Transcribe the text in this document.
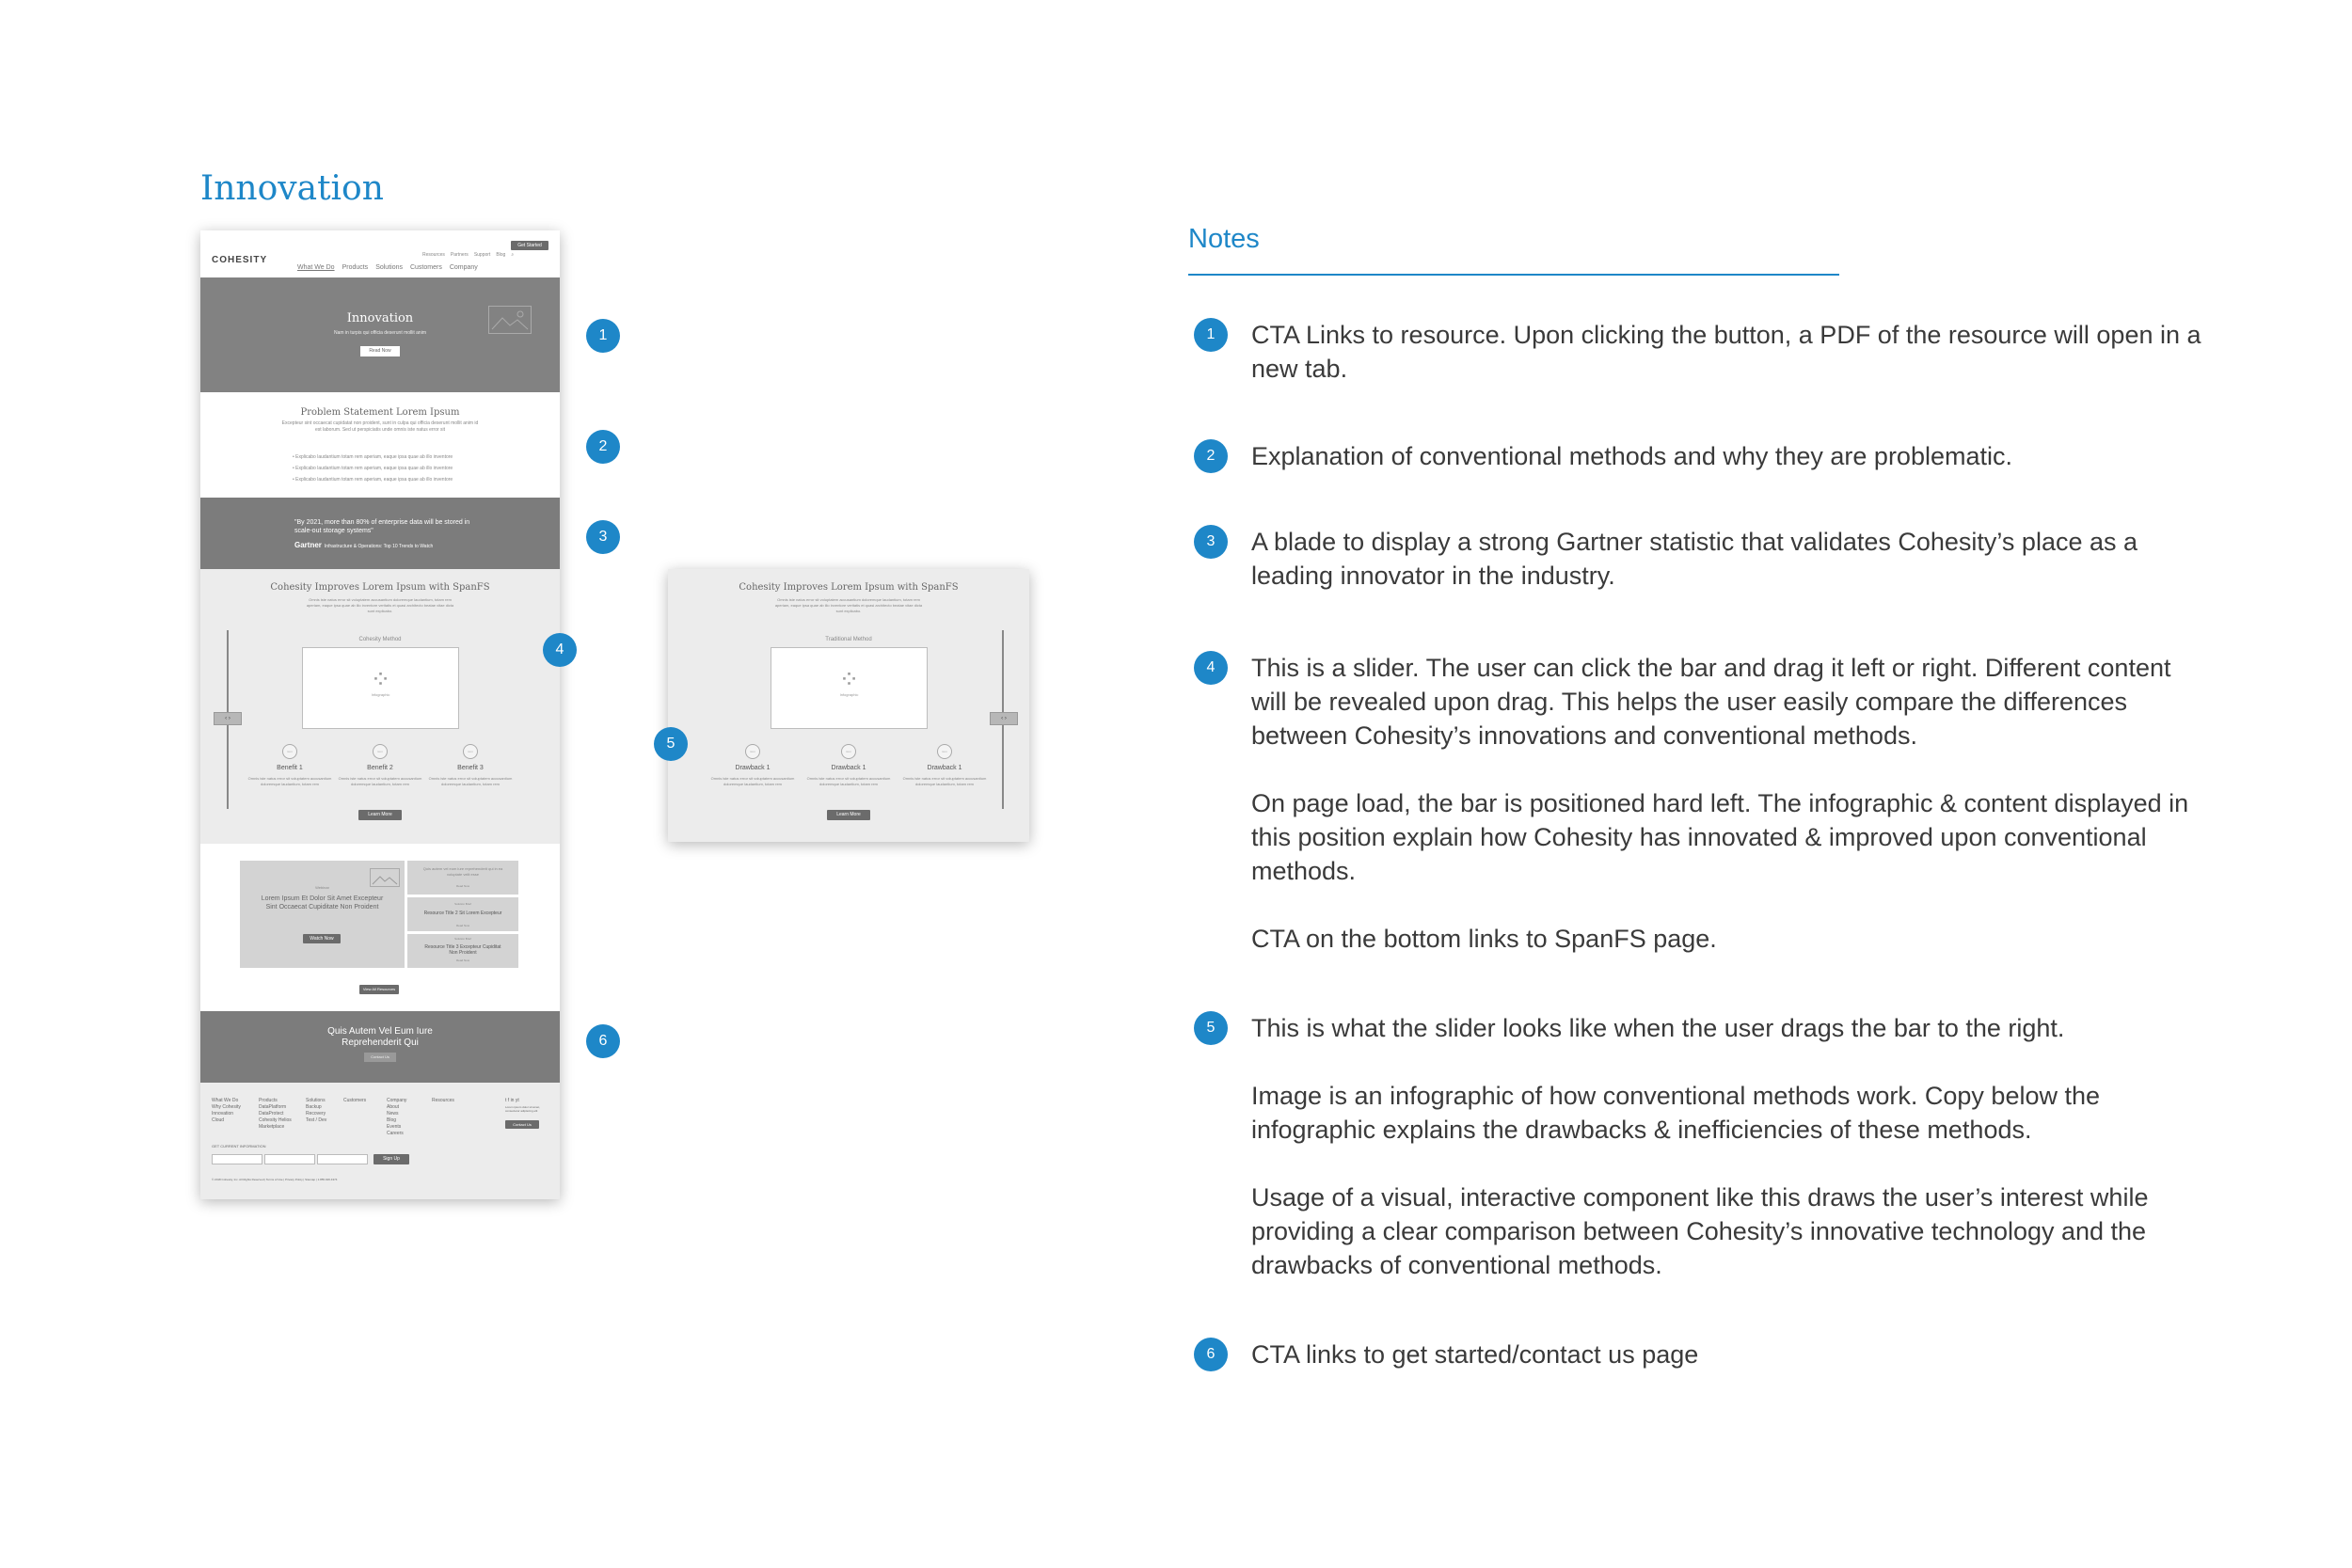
Innovation
COHESITY	Resources Partners Support Blog ⌕
Get Started
What We Do Products Solutions Customers Company
Innovation
Nam in turpis qui officia deserunt mollit anim
Read Now
Problem Statement Lorem Ipsum
Excepteur sint occaecat cupidatat non proident, sunt in culpa qui officia deserunt mollit anim id est laborum. Sed ut perspiciatis unde omnis iste natus error sit
• Explicabo laudantium totam rem aperiam, eaque ipsa quae ab illo inventore
• Explicabo laudantium totam rem aperiam, eaque ipsa quae ab illo inventore
• Explicabo laudantium totam rem aperiam, eaque ipsa quae ab illo inventore
"By 2021, more than 80% of enterprise data will be stored in scale-out storage systems"
Gartner Infrastructure & Operations: Top 10 Trends to Watch
Cohesity Improves Lorem Ipsum with SpanFS
Omnis iste natus error sit voluptatem accusantium doloremque laudantium, totam rem aperiam, eaque ipsa quae ab illo inventore veritatis et quasi architecto beatae vitae dicta sunt explicabo.
Cohesity Method
⁘
Infographic
‹ ›
icon
Benefit 1
Omnis iste natus error sit voluptatem accusantium doloremque laudantium, totam rem
icon
Benefit 2
Omnis iste natus error sit voluptatem accusantium doloremque laudantium, totam rem
icon
Benefit 3
Omnis iste natus error sit voluptatem accusantium doloremque laudantium, totam rem
Learn More
Webinar
Lorem Ipsum Et Dolor Sit Amet Excepteur Sint Occaecat Cupiditate Non Proident
Watch Now
Quis autem vel eum iure reprehenderit qui in ea voluptate velit esse
Read Now
Solution Brief
Resource Title 2 Sit Lorem Excepteur
Read Now
Solution Brief
Resource Title 3 Excepteur Cupiditat Non Proident
Read Now
View All Resources
Quis Autem Vel Eum Iure Reprehenderit Qui
Contact Us
What We Do
Why Cohesity
Innovation
Cloud
Products
DataPlatform
DataProtect
Cohesity Helios
Marketplace
Solutions
Backup
Recovery
Test / Dev
Customers	Company
About
News
Blog
Events
Careers
Resources	t f in yt
Lorem ipsum dolor sit amet, consectetur adipiscing elit
Contact Us
GET CURRENT INFORMATION
Sign Up
© 2018 Cohesity, Inc. All Rights Reserved | Terms of Use | Privacy Policy | Sitemap | 1.855.926.4374
Cohesity Improves Lorem Ipsum with SpanFS
Omnis iste natus error sit voluptatem accusantium doloremque laudantium, totam rem aperiam, eaque ipsa quae ab illo inventore veritatis et quasi architecto beatae vitae dicta sunt explicabo.
Traditional Method
⁘
Infographic
‹ ›
icon
Drawback 1
Omnis iste natus error sit voluptatem accusantium doloremque laudantium, totam rem
icon
Drawback 1
Omnis iste natus error sit voluptatem accusantium doloremque laudantium, totam rem
icon
Drawback 1
Omnis iste natus error sit voluptatem accusantium doloremque laudantium, totam rem
Learn More
1
2
3
4
5
6
Notes
1	CTA Links to resource. Upon clicking the button, a PDF of the resource will open in a new tab.

2	Explanation of conventional methods and why they are problematic.

3	A blade to display a strong Gartner statistic that validates Cohesity’s place as a leading innovator in the industry.

4	This is a slider. The user can click the bar and drag it left or right. Different content will be revealed upon drag. This helps the user easily compare the differences between Cohesity’s innovations and conventional methods.

On page load, the bar is positioned hard left. The infographic & content displayed in this position explain how Cohesity has innovated & improved upon conventional methods.

CTA on the bottom links to SpanFS page.

5	This is what the slider looks like when the user drags the bar to the right.

Image is an infographic of how conventional methods work. Copy below the infographic explains the drawbacks & inefficiencies of these methods.

Usage of a visual, interactive component like this draws the user’s interest while providing a clear comparison between Cohesity’s innovative technology and the drawbacks of conventional methods.

6	CTA links to get started/contact us page
